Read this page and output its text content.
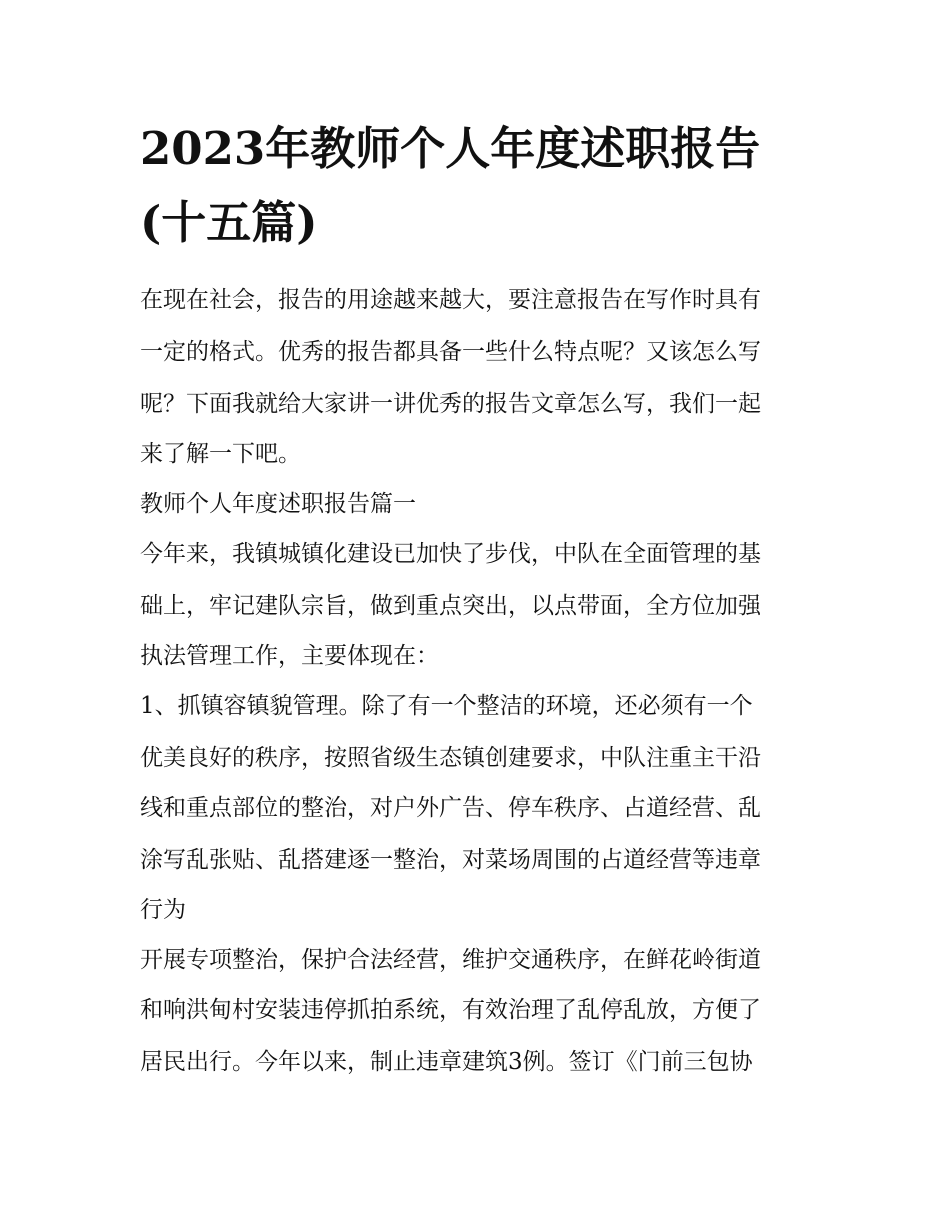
2023年教师个人年度述职报告
(十五篇)

在现在社会，报告的用途越来越大，要注意报告在写作时具有

一定的格式。优秀的报告都具备一些什么特点呢？又该怎么写

呢？下面我就给大家讲一讲优秀的报告文章怎么写，我们一起

来了解一下吧。

教师个人年度述职报告篇一

今年来，我镇城镇化建设已加快了步伐，中队在全面管理的基

础上，牢记建队宗旨，做到重点突出，以点带面，全方位加强

执法管理工作，主要体现在：

1、抓镇容镇貌管理。除了有一个整洁的环境，还必须有一个

优美良好的秩序，按照省级生态镇创建要求，中队注重主干沿

线和重点部位的整治，对户外广告、停车秩序、占道经营、乱

涂写乱张贴、乱搭建逐一整治，对菜场周围的占道经营等违章

行为

开展专项整治，保护合法经营，维护交通秩序，在鲜花岭街道

和响洪甸村安装违停抓拍系统，有效治理了乱停乱放，方便了

居民出行。今年以来，制止违章建筑3例。签订《门前三包协
